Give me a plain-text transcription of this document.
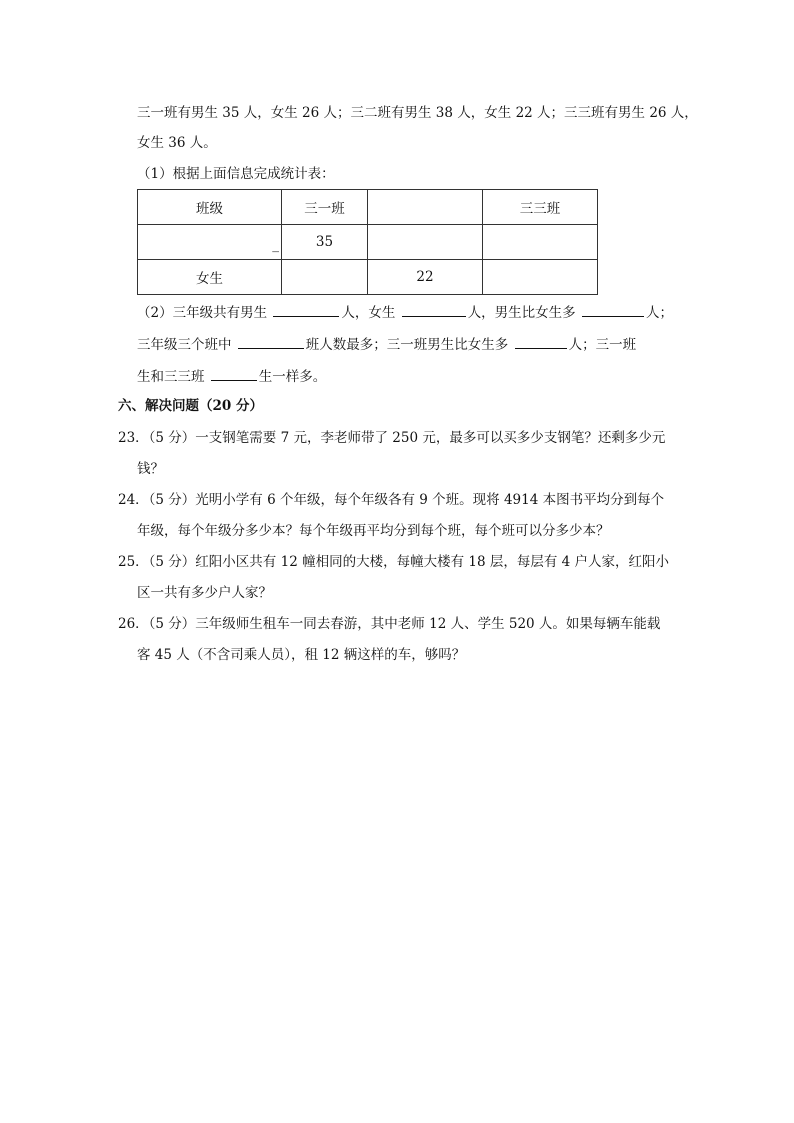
三一班有男生 35 人，女生 26 人；三二班有男生 38 人，女生 22 人；三三班有男生 26 人，
女生 36 人。
（1）根据上面信息完成统计表：
班级	三一班		三三班

_	35		
女生		22	
（2）三年级共有男生	人，女生	人，男生比女生多	人；
三年级三个班中	班人数最多；三一班男生比女生多	人；三一班
生和三三班	生一样多。
六、解决问题（20 分）
23．（5 分）一支钢笔需要 7 元，李老师带了 250 元，最多可以买多少支钢笔？还剩多少元
钱？
24．（5 分）光明小学有 6 个年级，每个年级各有 9 个班。现将 4914 本图书平均分到每个
年级，每个年级分多少本？每个年级再平均分到每个班，每个班可以分多少本？
25．（5 分）红阳小区共有 12 幢相同的大楼，每幢大楼有 18 层，每层有 4 户人家，红阳小
区一共有多少户人家？
26．（5 分）三年级师生租车一同去春游，其中老师 12 人、学生 520 人。如果每辆车能载
客 45 人（不含司乘人员），租 12 辆这样的车，够吗？
